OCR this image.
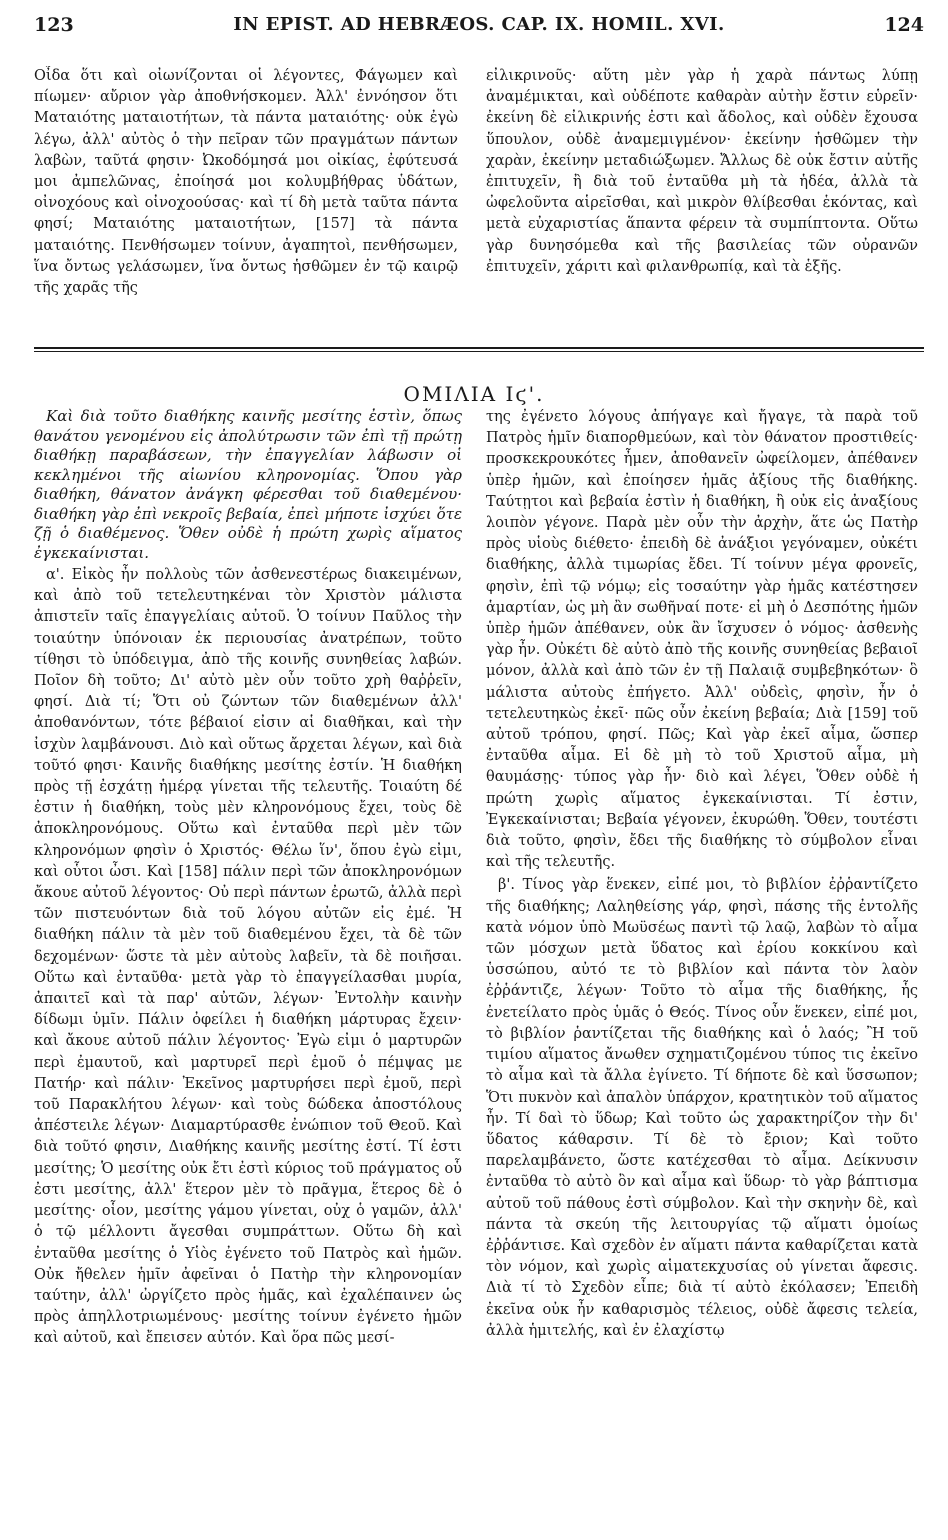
123	IN EPIST. AD HEBRÆOS. CAP. IX. HOMIL. XVI.	124

Οἶδα ὅτι καὶ οἰωνίζονται οἱ λέγοντες, Φάγωμεν καὶ πίωμεν· αὔριον γὰρ ἀποθνήσκομεν. Ἀλλ' ἐννόησον ὅτι Ματαιότης ματαιοτήτων, τὰ πάντα ματαιότης· οὐκ ἐγὼ λέγω, ἀλλ' αὐτὸς ὁ τὴν πεῖραν τῶν πραγμάτων πάντων λαβὼν, ταῦτά φησιν· Ὠκοδόμησά μοι οἰκίας, ἐφύτευσά μοι ἀμπελῶνας, ἐποίησά μοι κολυμβήθρας ὑδάτων, οἰνοχόους καὶ οἰνοχοούσας· καὶ τί δὴ μετὰ ταῦτα πάντα φησί; Ματαιότης ματαιοτήτων, [157] τὰ πάντα ματαιότης. Πενθήσωμεν τοίνυν, ἀγαπητοὶ, πενθήσωμεν, ἵνα ὄντως γελάσωμεν, ἵνα ὄντως ἡσθῶμεν ἐν τῷ καιρῷ τῆς χαρᾶς τῆς

εἰλικρινοῦς· αὕτη μὲν γὰρ ἡ χαρὰ πάντως λύπῃ ἀναμέμικται, καὶ οὐδέποτε καθαρὰν αὐτὴν ἔστιν εὑρεῖν· ἐκείνη δὲ εἰλικρινής ἐστι καὶ ἄδολος, καὶ οὐδὲν ἔχουσα ὕπουλον, οὐδὲ ἀναμεμιγμένον· ἐκείνην ἡσθῶμεν τὴν χαρὰν, ἐκείνην μεταδιώξωμεν. Ἄλλως δὲ οὐκ ἔστιν αὐτῆς ἐπιτυχεῖν, ἢ διὰ τοῦ ἐνταῦθα μὴ τὰ ἡδέα, ἀλλὰ τὰ ὠφελοῦντα αἱρεῖσθαι, καὶ μικρὸν θλίβεσθαι ἑκόντας, καὶ μετὰ εὐχαριστίας ἅπαντα φέρειν τὰ συμπίπτοντα. Οὕτω γὰρ δυνησόμεθα καὶ τῆς βασιλείας τῶν οὐρανῶν ἐπιτυχεῖν, χάριτι καὶ φιλανθρωπίᾳ, καὶ τὰ ἑξῆς.

ΟΜΙΛΙΑ Ιϛ'.

Καὶ διὰ τοῦτο διαθήκης καινῆς μεσίτης ἐστὶν, ὅπως θανάτου γενομένου εἰς ἀπολύτρωσιν τῶν ἐπὶ τῇ πρώτῃ διαθήκῃ παραβάσεων, τὴν ἐπαγγελίαν λάβωσιν οἱ κεκλημένοι τῆς αἰωνίου κληρονομίας. Ὅπου γὰρ διαθήκη, θάνατον ἀνάγκη φέρεσθαι τοῦ διαθεμένου· διαθήκη γὰρ ἐπὶ νεκροῖς βεβαία, ἐπεὶ μήποτε ἰσχύει ὅτε ζῇ ὁ διαθέμενος. Ὅθεν οὐδὲ ἡ πρώτη χωρὶς αἵματος ἐγκεκαίνισται.

α'. Εἰκὸς ἦν πολλοὺς τῶν ἀσθενεστέρως διακειμένων, καὶ ἀπὸ τοῦ τετελευτηκέναι τὸν Χριστὸν μάλιστα ἀπιστεῖν ταῖς ἐπαγγελίαις αὐτοῦ. Ὁ τοίνυν Παῦλος τὴν τοιαύτην ὑπόνοιαν ἐκ περιουσίας ἀνατρέπων, τοῦτο τίθησι τὸ ὑπόδειγμα, ἀπὸ τῆς κοινῆς συνηθείας λαβών. Ποῖον δὴ τοῦτο; Δι' αὐτὸ μὲν οὖν τοῦτο χρὴ θαῤῥεῖν, φησί. Διὰ τί; Ὅτι οὐ ζώντων τῶν διαθεμένων ἀλλ' ἀποθανόντων, τότε βέβαιοί εἰσιν αἱ διαθῆκαι, καὶ τὴν ἰσχὺν λαμβάνουσι. Διὸ καὶ οὕτως ἄρχεται λέγων, καὶ διὰ τοῦτό φησι· Καινῆς διαθήκης μεσίτης ἐστίν. Ἡ διαθήκη πρὸς τῇ ἐσχάτῃ ἡμέρᾳ γίνεται τῆς τελευτῆς. Τοιαύτη δέ ἐστιν ἡ διαθήκη, τοὺς μὲν κληρονόμους ἔχει, τοὺς δὲ ἀποκληρονόμους. Οὕτω καὶ ἐνταῦθα περὶ μὲν τῶν κληρονόμων φησὶν ὁ Χριστός· Θέλω ἵν', ὅπου ἐγὼ εἰμι, καὶ οὗτοι ὦσι. Καὶ [158] πάλιν περὶ τῶν ἀποκληρονόμων ἄκουε αὐτοῦ λέγοντος· Οὐ περὶ πάντων ἐρωτῶ, ἀλλὰ περὶ τῶν πιστευόντων διὰ τοῦ λόγου αὐτῶν εἰς ἐμέ. Ἡ διαθήκη πάλιν τὰ μὲν τοῦ διαθεμένου ἔχει, τὰ δὲ τῶν δεχομένων· ὥστε τὰ μὲν αὐτοὺς λαβεῖν, τὰ δὲ ποιῆσαι. Οὕτω καὶ ἐνταῦθα· μετὰ γὰρ τὸ ἐπαγγείλασθαι μυρία, ἀπαιτεῖ καὶ τὰ παρ' αὐτῶν, λέγων· Ἐντολὴν καινὴν δίδωμι ὑμῖν. Πάλιν ὀφείλει ἡ διαθήκη μάρτυρας ἔχειν· καὶ ἄκουε αὐτοῦ πάλιν λέγοντος· Ἐγὼ εἰμι ὁ μαρτυρῶν περὶ ἐμαυτοῦ, καὶ μαρτυρεῖ περὶ ἐμοῦ ὁ πέμψας με Πατήρ· καὶ πάλιν· Ἐκεῖνος μαρτυρήσει περὶ ἐμοῦ, περὶ τοῦ Παρακλήτου λέγων· καὶ τοὺς δώδεκα ἀποστόλους ἀπέστειλε λέγων· Διαμαρτύρασθε ἐνώπιον τοῦ Θεοῦ. Καὶ διὰ τοῦτό φησιν, Διαθήκης καινῆς μεσίτης ἐστί. Τί ἐστι μεσίτης; Ὁ μεσίτης οὐκ ἔτι ἐστὶ κύριος τοῦ πράγματος οὗ ἐστι μεσίτης, ἀλλ' ἕτερον μὲν τὸ πρᾶγμα, ἕτερος δὲ ὁ μεσίτης· οἷον, μεσίτης γάμου γίνεται, οὐχ ὁ γαμῶν, ἀλλ' ὁ τῷ μέλλοντι ἄγεσθαι συμπράττων. Οὕτω δὴ καὶ ἐνταῦθα μεσίτης ὁ Υἱὸς ἐγένετο τοῦ Πατρὸς καὶ ἡμῶν. Οὐκ ἤθελεν ἡμῖν ἀφεῖναι ὁ Πατὴρ τὴν κληρονομίαν ταύτην, ἀλλ' ὠργίζετο πρὸς ἡμᾶς, καὶ ἐχαλέπαινεν ὡς πρὸς ἀπηλλοτριωμένους· μεσίτης τοίνυν ἐγένετο ἡμῶν καὶ αὐτοῦ, καὶ ἔπεισεν αὐτόν. Καὶ ὅρα πῶς μεσί-

της ἐγένετο λόγους ἀπήγαγε καὶ ἤγαγε, τὰ παρὰ τοῦ Πατρὸς ἡμῖν διαπορθμεύων, καὶ τὸν θάνατον προστιθείς· προσκεκρουκότες ἦμεν, ἀποθανεῖν ὠφείλομεν, ἀπέθανεν ὑπὲρ ἡμῶν, καὶ ἐποίησεν ἡμᾶς ἀξίους τῆς διαθήκης. Ταύτῃτοι καὶ βεβαία ἐστὶν ἡ διαθήκη, ἢ οὐκ εἰς ἀναξίους λοιπὸν γέγονε. Παρὰ μὲν οὖν τὴν ἀρχὴν, ἅτε ὡς Πατὴρ πρὸς υἱοὺς διέθετο· ἐπειδὴ δὲ ἀνάξιοι γεγόναμεν, οὐκέτι διαθήκης, ἀλλὰ τιμωρίας ἔδει. Τί τοίνυν μέγα φρονεῖς, φησὶν, ἐπὶ τῷ νόμῳ; εἰς τοσαύτην γὰρ ἡμᾶς κατέστησεν ἁμαρτίαν, ὡς μὴ ἂν σωθῆναί ποτε· εἰ μὴ ὁ Δεσπότης ἡμῶν ὑπὲρ ἡμῶν ἀπέθανεν, οὐκ ἂν ἴσχυσεν ὁ νόμος· ἀσθενὴς γὰρ ἦν. Οὐκέτι δὲ αὐτὸ ἀπὸ τῆς κοινῆς συνηθείας βεβαιοῖ μόνον, ἀλλὰ καὶ ἀπὸ τῶν ἐν τῇ Παλαιᾷ συμβεβηκότων· ὃ μάλιστα αὐτοὺς ἐπήγετο. Ἀλλ' οὐδεὶς, φησὶν, ἦν ὁ τετελευτηκὼς ἐκεῖ· πῶς οὖν ἐκείνη βεβαία; Διὰ [159] τοῦ αὐτοῦ τρόπου, φησί. Πῶς; Καὶ γὰρ ἐκεῖ αἷμα, ὥσπερ ἐνταῦθα αἷμα. Εἰ δὲ μὴ τὸ τοῦ Χριστοῦ αἷμα, μὴ θαυμάσῃς· τύπος γὰρ ἦν· διὸ καὶ λέγει, Ὅθεν οὐδὲ ἡ πρώτη χωρὶς αἵματος ἐγκεκαίνισται. Τί ἐστιν, Ἐγκεκαίνισται; Βεβαία γέγονεν, ἐκυρώθη. Ὅθεν, τουτέστι διὰ τοῦτο, φησὶν, ἔδει τῆς διαθήκης τὸ σύμβολον εἶναι καὶ τῆς τελευτῆς.

β'. Τίνος γὰρ ἕνεκεν, εἰπέ μοι, τὸ βιβλίον ἐῤῥαντίζετο τῆς διαθήκης; Λαληθείσης γάρ, φησὶ, πάσης τῆς ἐντολῆς κατὰ νόμον ὑπὸ Μωϋσέως παντὶ τῷ λαῷ, λαβὼν τὸ αἷμα τῶν μόσχων μετὰ ὕδατος καὶ ἐρίου κοκκίνου καὶ ὑσσώπου, αὐτό τε τὸ βιβλίον καὶ πάντα τὸν λαὸν ἐῤῥάντιζε, λέγων· Τοῦτο τὸ αἷμα τῆς διαθήκης, ἧς ἐνετείλατο πρὸς ὑμᾶς ὁ Θεός. Τίνος οὖν ἕνεκεν, εἰπέ μοι, τὸ βιβλίον ῥαντίζεται τῆς διαθήκης καὶ ὁ λαός; Ἢ τοῦ τιμίου αἵματος ἄνωθεν σχηματιζομένου τύπος τις ἐκεῖνο τὸ αἷμα καὶ τὰ ἄλλα ἐγίνετο. Τί δήποτε δὲ καὶ ὕσσωπον; Ὅτι πυκνὸν καὶ ἁπαλὸν ὑπάρχον, κρατητικὸν τοῦ αἵματος ἦν. Τί δαὶ τὸ ὕδωρ; Καὶ τοῦτο ὡς χαρακτηρίζον τὴν δι' ὕδατος κάθαρσιν. Τί δὲ τὸ ἔριον; Καὶ τοῦτο παρελαμβάνετο, ὥστε κατέχεσθαι τὸ αἷμα. Δείκνυσιν ἐνταῦθα τὸ αὐτὸ ὂν καὶ αἷμα καὶ ὕδωρ· τὸ γὰρ βάπτισμα αὐτοῦ τοῦ πάθους ἐστὶ σύμβολον. Καὶ τὴν σκηνὴν δὲ, καὶ πάντα τὰ σκεύη τῆς λειτουργίας τῷ αἵματι ὁμοίως ἐῤῥάντισε. Καὶ σχεδὸν ἐν αἵματι πάντα καθαρίζεται κατὰ τὸν νόμον, καὶ χωρὶς αἱματεκχυσίας οὐ γίνεται ἄφεσις. Διὰ τί τὸ Σχεδὸν εἶπε; διὰ τί αὐτὸ ἐκόλασεν; Ἐπειδὴ ἐκεῖνα οὐκ ἦν καθαρισμὸς τέλειος, οὐδὲ ἄφεσις τελεία, ἀλλὰ ἡμιτελής, καὶ ἐν ἐλαχίστῳ
